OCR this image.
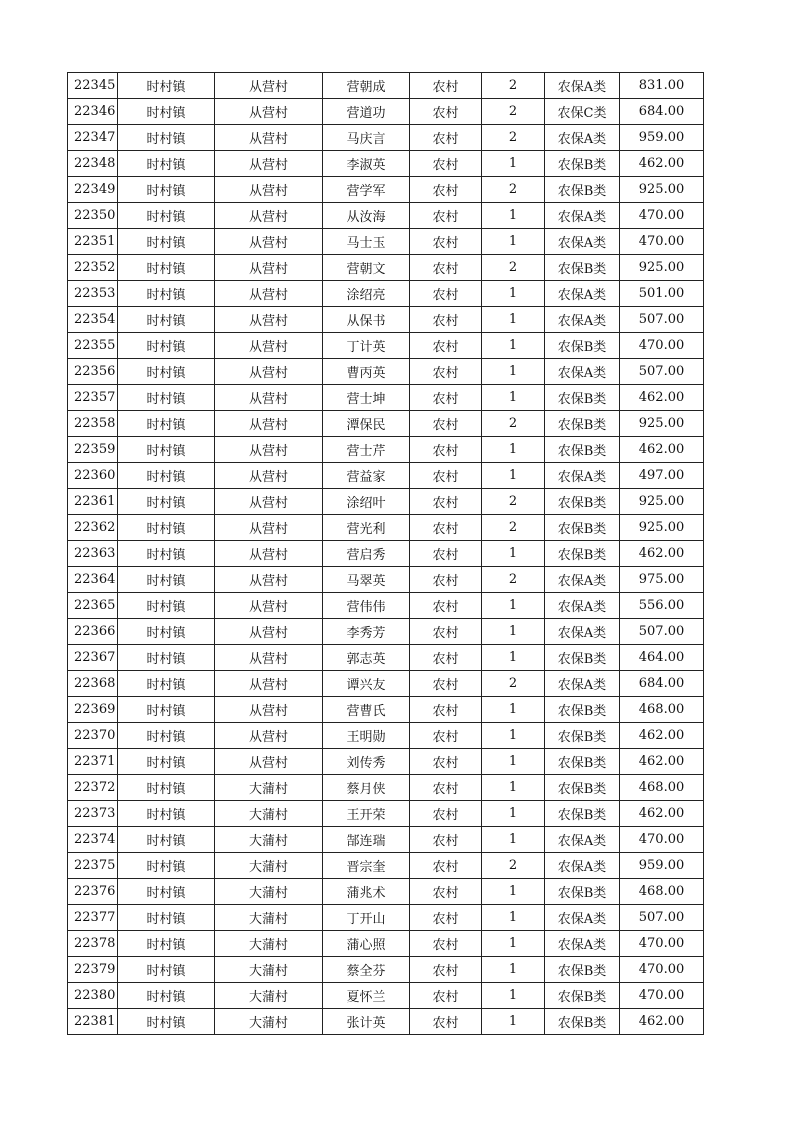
22345	时村镇	从营村	营朝成	农村	2	农保A类	831.00
22346	时村镇	从营村	营道功	农村	2	农保C类	684.00
22347	时村镇	从营村	马庆言	农村	2	农保A类	959.00
22348	时村镇	从营村	李淑英	农村	1	农保B类	462.00
22349	时村镇	从营村	营学军	农村	2	农保B类	925.00
22350	时村镇	从营村	从汝海	农村	1	农保A类	470.00
22351	时村镇	从营村	马士玉	农村	1	农保A类	470.00
22352	时村镇	从营村	营朝文	农村	2	农保B类	925.00
22353	时村镇	从营村	涂绍亮	农村	1	农保A类	501.00
22354	时村镇	从营村	从保书	农村	1	农保A类	507.00
22355	时村镇	从营村	丁计英	农村	1	农保B类	470.00
22356	时村镇	从营村	曹丙英	农村	1	农保A类	507.00
22357	时村镇	从营村	营士坤	农村	1	农保B类	462.00
22358	时村镇	从营村	潭保民	农村	2	农保B类	925.00
22359	时村镇	从营村	营士芹	农村	1	农保B类	462.00
22360	时村镇	从营村	营益家	农村	1	农保A类	497.00
22361	时村镇	从营村	涂绍叶	农村	2	农保B类	925.00
22362	时村镇	从营村	营光利	农村	2	农保B类	925.00
22363	时村镇	从营村	营启秀	农村	1	农保B类	462.00
22364	时村镇	从营村	马翠英	农村	2	农保A类	975.00
22365	时村镇	从营村	营伟伟	农村	1	农保A类	556.00
22366	时村镇	从营村	李秀芳	农村	1	农保A类	507.00
22367	时村镇	从营村	郭志英	农村	1	农保B类	464.00
22368	时村镇	从营村	谭兴友	农村	2	农保A类	684.00
22369	时村镇	从营村	营曹氏	农村	1	农保B类	468.00
22370	时村镇	从营村	王明勋	农村	1	农保B类	462.00
22371	时村镇	从营村	刘传秀	农村	1	农保B类	462.00
22372	时村镇	大蒲村	蔡月侠	农村	1	农保B类	468.00
22373	时村镇	大蒲村	王开荣	农村	1	农保B类	462.00
22374	时村镇	大蒲村	郜连瑞	农村	1	农保A类	470.00
22375	时村镇	大蒲村	晋宗奎	农村	2	农保A类	959.00
22376	时村镇	大蒲村	蒲兆术	农村	1	农保B类	468.00
22377	时村镇	大蒲村	丁开山	农村	1	农保A类	507.00
22378	时村镇	大蒲村	蒲心照	农村	1	农保A类	470.00
22379	时村镇	大蒲村	蔡全芬	农村	1	农保B类	470.00
22380	时村镇	大蒲村	夏怀兰	农村	1	农保B类	470.00
22381	时村镇	大蒲村	张计英	农村	1	农保B类	462.00
